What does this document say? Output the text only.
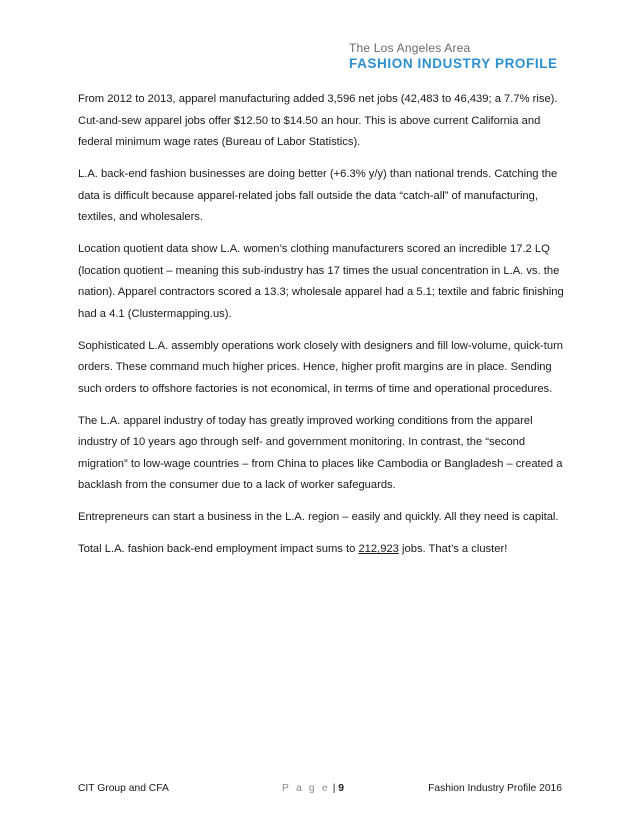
The Los Angeles Area
FASHION INDUSTRY PROFILE

From 2012 to 2013, apparel manufacturing added 3,596 net jobs (42,483 to 46,439; a 7.7% rise). Cut-and-sew apparel jobs offer $12.50 to $14.50 an hour. This is above current California and federal minimum wage rates (Bureau of Labor Statistics).

L.A. back-end fashion businesses are doing better (+6.3% y/y) than national trends. Catching the data is difficult because apparel-related jobs fall outside the data “catch-all” of manufacturing, textiles, and wholesalers.

Location quotient data show L.A. women’s clothing manufacturers scored an incredible 17.2 LQ (location quotient – meaning this sub-industry has 17 times the usual concentration in L.A. vs. the nation). Apparel contractors scored a 13.3; wholesale apparel had a 5.1; textile and fabric finishing had a 4.1 (Clustermapping.us).

Sophisticated L.A. assembly operations work closely with designers and fill low-volume, quick-turn orders. These command much higher prices. Hence, higher profit margins are in place. Sending such orders to offshore factories is not economical, in terms of time and operational procedures.

The L.A. apparel industry of today has greatly improved working conditions from the apparel industry of 10 years ago through self- and government monitoring. In contrast, the “second migration” to low-wage countries – from China to places like Cambodia or Bangladesh – created a backlash from the consumer due to a lack of worker safeguards.

Entrepreneurs can start a business in the L.A. region – easily and quickly. All they need is capital.

Total L.A. fashion back-end employment impact sums to 212,923 jobs. That’s a cluster!

CIT Group and CFA	P a g e | 9	Fashion Industry Profile 2016
